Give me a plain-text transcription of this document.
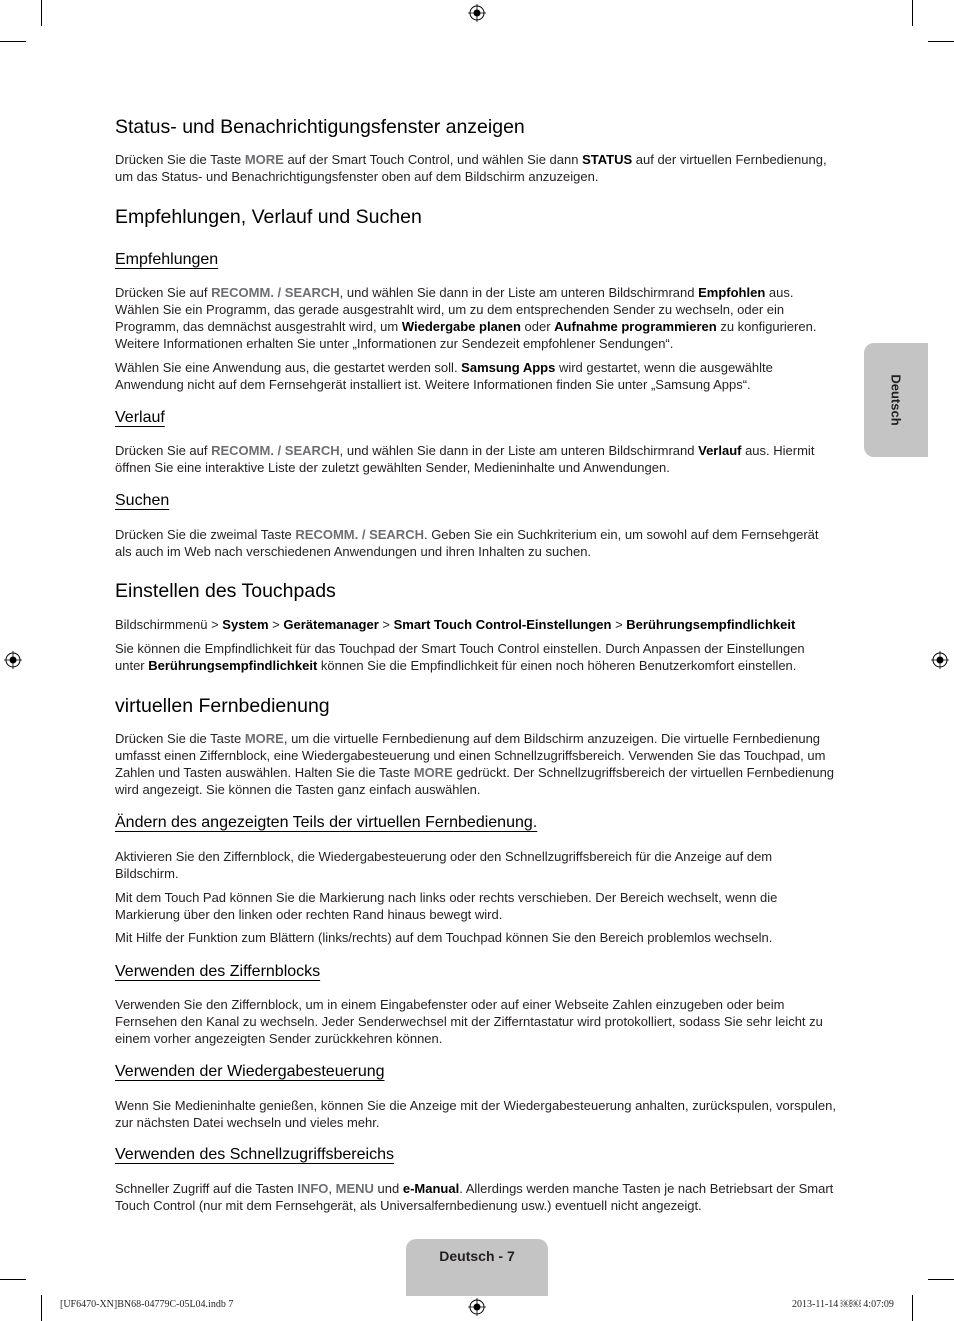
Deutsch
Status- und Benachrichtigungsfenster anzeigen

Drücken Sie die Taste MORE auf der Smart Touch Control, und wählen Sie dann STATUS auf der virtuellen Fernbedienung, um das Status- und Benachrichtigungsfenster oben auf dem Bildschirm anzuzeigen.

Empfehlungen, Verlauf und Suchen
Empfehlungen

Drücken Sie auf RECOMM. / SEARCH, und wählen Sie dann in der Liste am unteren Bildschirmrand Empfohlen aus. Wählen Sie ein Programm, das gerade ausgestrahlt wird, um zu dem entsprechenden Sender zu wechseln, oder ein Programm, das demnächst ausgestrahlt wird, um Wiedergabe planen oder Aufnahme programmieren zu konfigurieren. Weitere Informationen erhalten Sie unter „Informationen zur Sendezeit empfohlener Sendungen“.

Wählen Sie eine Anwendung aus, die gestartet werden soll. Samsung Apps wird gestartet, wenn die ausgewählte Anwendung nicht auf dem Fernsehgerät installiert ist. Weitere Informationen finden Sie unter „Samsung Apps“.

Verlauf

Drücken Sie auf RECOMM. / SEARCH, und wählen Sie dann in der Liste am unteren Bildschirmrand Verlauf aus. Hiermit öffnen Sie eine interaktive Liste der zuletzt gewählten Sender, Medieninhalte und Anwendungen.

Suchen

Drücken Sie die zweimal Taste RECOMM. / SEARCH. Geben Sie ein Suchkriterium ein, um sowohl auf dem Fernsehgerät als auch im Web nach verschiedenen Anwendungen und ihren Inhalten zu suchen.

Einstellen des Touchpads

Bildschirmmenü > System > Gerätemanager > Smart Touch Control-Einstellungen > Berührungsempfindlichkeit

Sie können die Empfindlichkeit für das Touchpad der Smart Touch Control einstellen. Durch Anpassen der Einstellungen unter Berührungsempfindlichkeit können Sie die Empfindlichkeit für einen noch höheren Benutzerkomfort einstellen.

virtuellen Fernbedienung

Drücken Sie die Taste MORE, um die virtuelle Fernbedienung auf dem Bildschirm anzuzeigen. Die virtuelle Fernbedienung umfasst einen Ziffernblock, eine Wiedergabesteuerung und einen Schnellzugriffsbereich. Verwenden Sie das Touchpad, um Zahlen und Tasten auswählen. Halten Sie die Taste MORE gedrückt. Der Schnellzugriffsbereich der virtuellen Fernbedienung wird angezeigt. Sie können die Tasten ganz einfach auswählen.

Ändern des angezeigten Teils der virtuellen Fernbedienung.

Aktivieren Sie den Ziffernblock, die Wiedergabesteuerung oder den Schnellzugriffsbereich für die Anzeige auf dem Bildschirm.

Mit dem Touch Pad können Sie die Markierung nach links oder rechts verschieben. Der Bereich wechselt, wenn die Markierung über den linken oder rechten Rand hinaus bewegt wird.

Mit Hilfe der Funktion zum Blättern (links/rechts) auf dem Touchpad können Sie den Bereich problemlos wechseln.

Verwenden des Ziffernblocks

Verwenden Sie den Ziffernblock, um in einem Eingabefenster oder auf einer Webseite Zahlen einzugeben oder beim Fernsehen den Kanal zu wechseln. Jeder Senderwechsel mit der Zifferntastatur wird protokolliert, sodass Sie sehr leicht zu einem vorher angezeigten Sender zurückkehren können.

Verwenden der Wiedergabesteuerung

Wenn Sie Medieninhalte genießen, können Sie die Anzeige mit der Wiedergabesteuerung anhalten, zurückspulen, vorspulen, zur nächsten Datei wechseln und vieles mehr.

Verwenden des Schnellzugriffsbereichs

Schneller Zugriff auf die Tasten INFO, MENU und e-Manual. Allerdings werden manche Tasten je nach Betriebsart der Smart Touch Control (nur mit dem Fernsehgerät, als Universalfernbedienung usw.) eventuell nicht angezeigt.

Deutsch - 7
[UF6470-XN]BN68-04779C-05L04.indb 7	2013-11-14 ￼￼ 4:07:09
